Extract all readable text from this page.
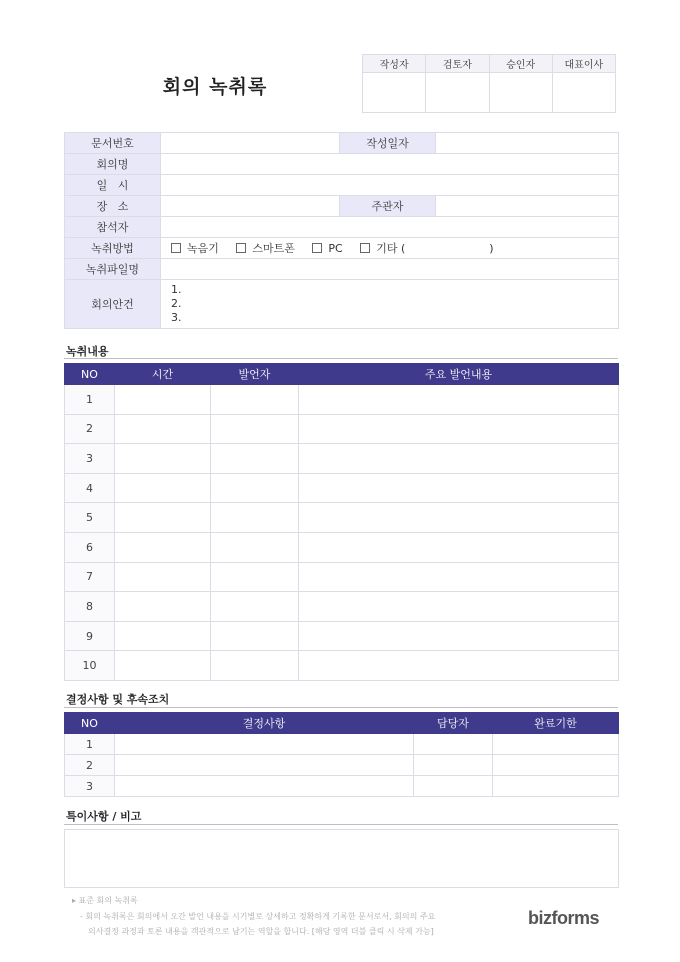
회의 녹취록
작성자	검토자	승인자	대표이사

문서번호		작성일자	
회의명			
일   시			
장   소		주관자	
참석자			
녹취방법	녹음기 스마트폰 PC 기타 ( )		
녹취파일명			
회의안건	1.
2.
3.		
녹취내용
NO	시간	발언자	주요 발언내용
1			
2			
3			
4			
5			
6			
7			
8			
9			
10			
결정사항 및 후속조치
NO	결정사항	담당자	완료기한
1			
2			
3			
특이사항 / 비고
▸ 표준 회의 녹취록
- 회의 녹취록은 회의에서 오간 발언 내용을 시기별로 상세하고 정확하게 기록한 문서로서, 회의의 주요
의사결정 과정과 토론 내용을 객관적으로 남기는 역할을 합니다. [해당 영역 더블 클릭 시 삭제 가능]
bizforms
